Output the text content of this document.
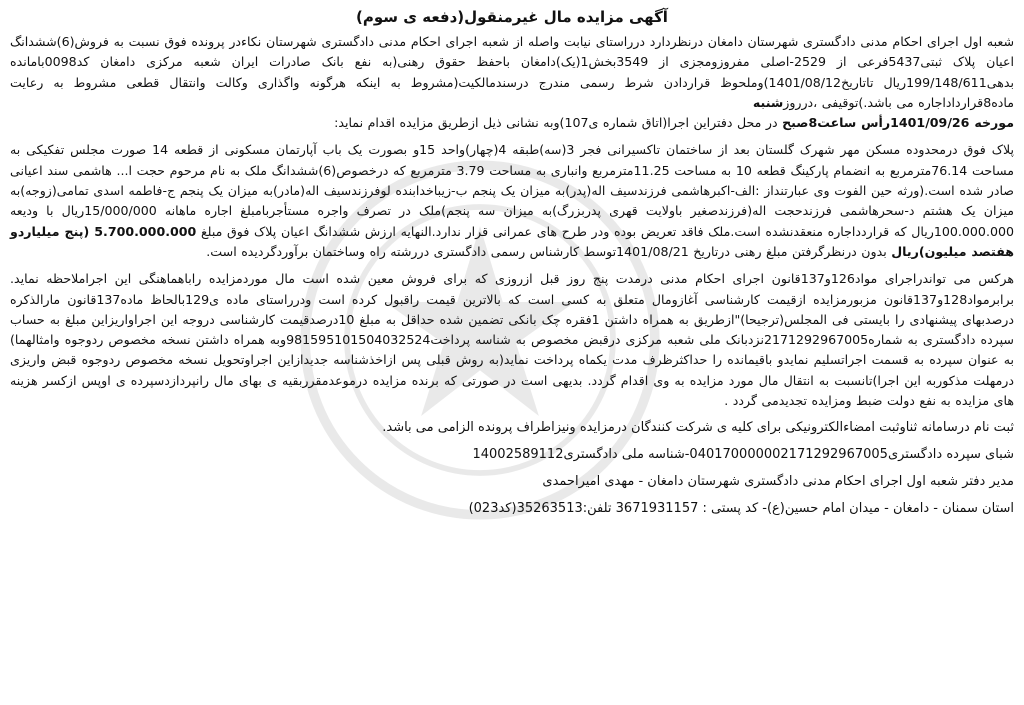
آگهی مزایده مال غیرمنقول(دفعه ی سوم)

شعبه اول اجرای احکام مدنی دادگستری شهرستان دامغان درنظردارد درراستای نیابت واصله از شعبه اجرای احکام مدنی دادگستری شهرستان نکاءدر پرونده فوق نسبت به فروش(6)ششدانگ اعیان پلاک ثبتی5437فرعی از 2529-اصلی مفروزومجزی از 3549بخش1(یک)دامغان باحفظ حقوق رهنی(به نفع بانک صادرات ایران شعبه مرکزی دامغان کد0098بامانده بدهی199/148/611ریال تاتاریخ1401/08/12)وملحوظ قراردادن شرط رسمی مندرج درسندمالکیت(مشروط به اینکه هرگونه واگذاری وکالت وانتقال قطعی مشروط به رعایت ماده8قرارداداجاره می باشد.)توقیفی ،درروزشنبه
مورخه 1401/09/26رأس ساعت8صبح در محل دفتراین اجرا(اتاق شماره ی107)وبه نشانی ذیل ازطریق مزایده اقدام نماید:

پلاک فوق درمحدوده مسکن مهر شهرک گلستان بعد از ساختمان تاکسیرانی فجر 3(سه)طبقه 4(چهار)واحد 15و بصورت یک باب آپارتمان مسکونی از قطعه 14 صورت مجلس تفکیکی به مساحت 76.14مترمربع به انضمام پارکینگ قطعه 10 به مساحت 11.25مترمربع وانباری به مساحت 3.79 مترمربع که درخصوص(6)ششدانگ ملک به نام مرحوم حجت ا... هاشمی سند اعیانی صادر شده است.(ورثه حین الفوت وی عبارتنداز :الف-اکبرهاشمی فرزندسیف اله(پدر)به میزان یک پنجم ب-زیباخدابنده لوفرزندسیف اله(مادر)به میزان یک پنجم ج-فاطمه اسدی تمامی(زوجه)به میزان یک هشتم د-سحرهاشمی فرزندحجت اله(فرزندصغیر باولایت قهری پدربزرگ)به میزان سه پنجم)ملک در تصرف واجره مستأجربامبلغ اجاره ماهانه 15/000/000ریال با ودیعه 100.000.000ریال که قراردداجاره منعقدنشده است.ملک فاقد تعریض بوده ودر طرح های عمرانی قرار ندارد.النهایه ارزش ششدانگ اعیان پلاک فوق مبلغ 5.700.000.000 (پنج میلیاردو هفتصد میلیون)ریال بدون درنظرگرفتن مبلغ رهنی درتاریخ 1401/08/21توسط کارشناس رسمی دادگستری دررشته راه وساختمان برآوردگردیده است.

هرکس می تواندراجرای مواد126و137قانون اجرای احکام مدنی درمدت پنج روز قبل ازروزی که برای فروش معین شده است مال موردمزایده راباهماهنگی این اجراملاحظه نماید. برابرمواد128و137قانون مزبورمزایده ازقیمت کارشناسی آغازومال متعلق به کسی است که بالاترین قیمت راقبول کرده است ودرراستای ماده ی129بالحاظ ماده137قانون مارالذکره درصدبهای پیشنهادی را بایستی فی المجلس(ترجیحا)"ازطریق به همراه داشتن 1فقره چک بانکی تضمین شده حداقل به مبلغ 10درصدقیمت کارشناسی دروجه این اجراواریزاین مبلغ به حساب سپرده دادگستری به شماره2171292967005نزدبانک ملی شعبه مرکزی درقبض مخصوص به شناسه پرداخت981595101504032524وبه همراه داشتن نسخه مخصوص ردوجوه وامثالهما) به عنوان سپرده به قسمت اجراتسلیم نمایدو باقیمانده را حداکثرظرف مدت یکماه پرداخت نماید(به روش قبلی پس ازاخذشناسه جدیدازاین اجراوتحویل نسخه مخصوص ردوجوه قبض واریزی درمهلت مذکوربه این اجرا)تانسبت به انتقال مال مورد مزایده به وی اقدام گردد. بدیهی است در صورتی که برنده مزایده درموعدمقرربقیه ی بهای مال رانپردازدسپرده ی اوپس ازکسر هزینه های مزایده به نفع دولت ضبط ومزایده تجدیدمی گردد .

ثبت نام درسامانه ثناوثبت امضاءالکترونیکی برای کلیه ی شرکت کنندگان درمزایده ونیزاطراف پرونده الزامی می باشد.
شبای سپرده دادگستری040170000002171292967005-شناسه ملی دادگستری14002589112
مدیر دفتر شعبه اول اجرای احکام مدنی دادگستری شهرستان دامغان - مهدی امیراحمدی
استان سمنان - دامغان - میدان امام حسین(ع)- کد پستی : 3671931157 تلفن:35263513(کد023)
